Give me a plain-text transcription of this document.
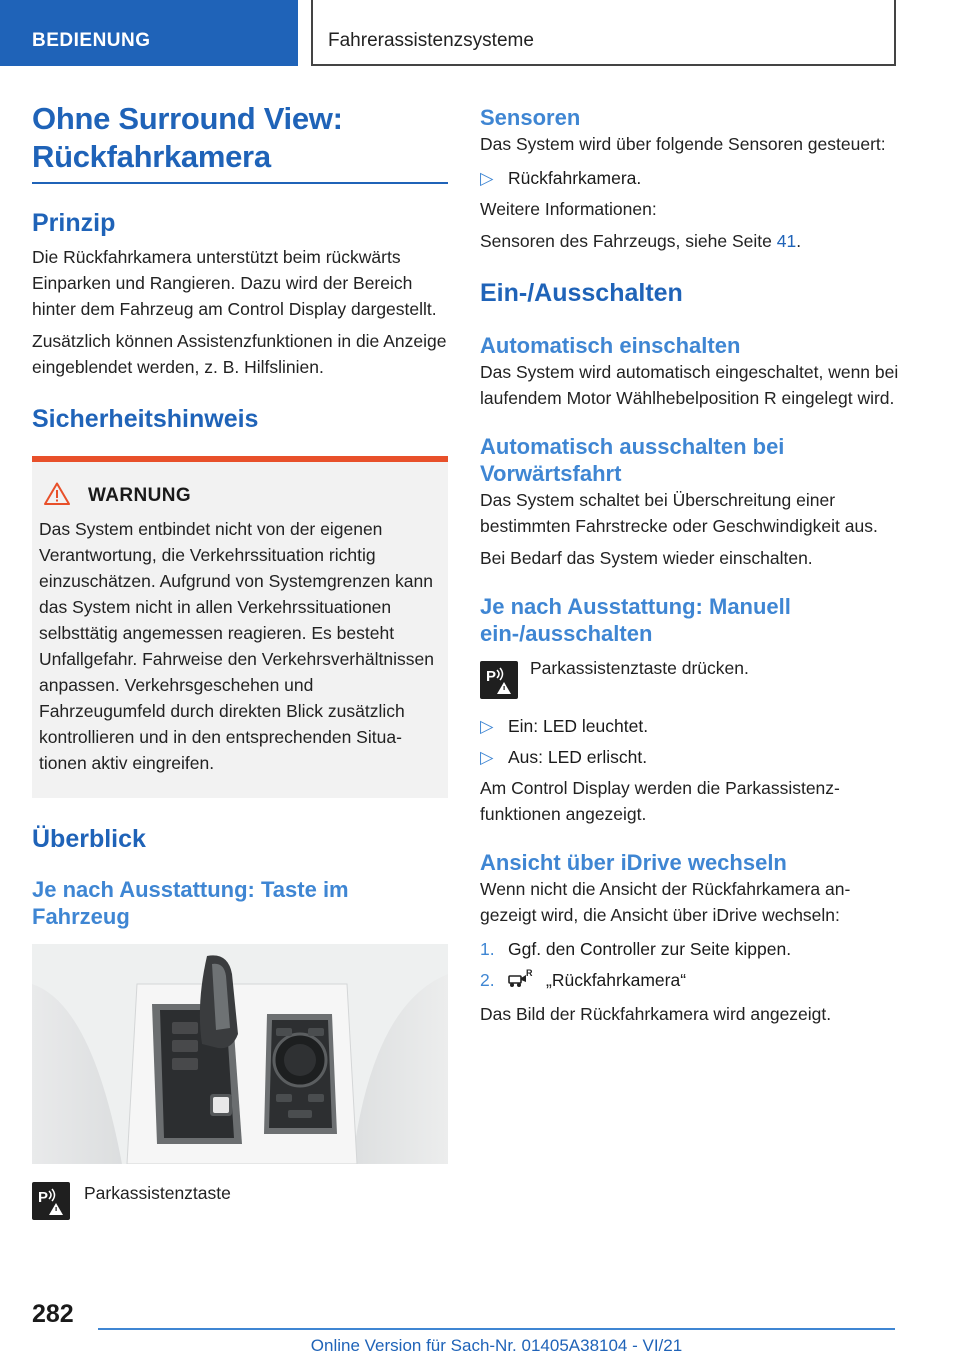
BEDIENUNG	Fahrerassistenzsysteme
Ohne Surround View: Rückfahrkamera
Prinzip

Die Rückfahrkamera unterstützt beim rückwärts Einparken und Rangieren. Dazu wird der Bereich hinter dem Fahrzeug am Control Display dargestellt.

Zusätzlich können Assistenzfunktionen in die Anzeige eingeblendet werden, z. B. Hilfslinien.

Sicherheitshinweis
WARNUNG

Das System entbindet nicht von der eigenen Verantwortung, die Verkehrssituation richtig einzuschätzen. Aufgrund von Systemgrenzen kann das System nicht in allen Verkehrssituationen selbsttätig angemessen reagieren. Es besteht Unfallgefahr. Fahrweise den Verkehrsverhältnissen anpassen. Verkehrsgeschehen und Fahrzeugumfeld durch direkten Blick zusätzlich kontrollieren und in den entsprechenden Situationen aktiv eingreifen.

Überblick
Je nach Ausstattung: Taste im Fahrzeug
P Parkassistenztaste

Sensoren

Das System wird über folgende Sensoren gesteuert:

▷ Rückfahrkamera.

Weitere Informationen:

Sensoren des Fahrzeugs, siehe Seite 41.

Ein-/Ausschalten
Automatisch einschalten

Das System wird automatisch eingeschaltet, wenn bei laufendem Motor Wählhebelposition R eingelegt wird.

Automatisch ausschalten bei Vorwärtsfahrt

Das System schaltet bei Überschreitung einer bestimmten Fahrstrecke oder Geschwindigkeit aus.

Bei Bedarf das System wieder einschalten.

Je nach Ausstattung: Manuell ein-/ausschalten
P Parkassistenztaste drücken.

▷ Ein: LED leuchtet.
▷ Aus: LED erlischt.

Am Control Display werden die Parkassistenzfunktionen angezeigt.

Ansicht über iDrive wechseln

Wenn nicht die Ansicht der Rückfahrkamera angezeigt wird, die Ansicht über iDrive wechseln:

1. Ggf. den Controller zur Seite kippen.
2.	R „Rückfahrkamera“

Das Bild der Rückfahrkamera wird angezeigt.

282
Online Version für Sach-Nr. 01405A38104 - VI/21
